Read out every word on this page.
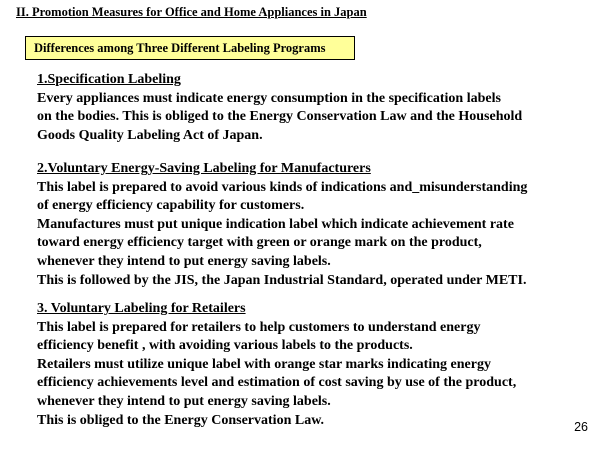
II. Promotion Measures for Office and Home Appliances in Japan
Differences among Three Different Labeling Programs
1.Specification Labeling
Every appliances must indicate energy consumption in the specification labels
on the bodies. This is obliged to the Energy Conservation Law and the Household
Goods Quality Labeling Act of Japan.
2.Voluntary Energy-Saving Labeling for Manufacturers
This label is prepared to avoid various kinds of indications and_misunderstanding
of energy efficiency capability for customers.
Manufactures must put unique indication label which indicate achievement rate
toward energy efficiency target with green or orange mark on the product,
whenever they intend to put energy saving labels.
This is followed by the JIS, the Japan Industrial Standard, operated under METI.
3. Voluntary Labeling for Retailers
This label is prepared for retailers to help customers to understand energy
efficiency benefit , with avoiding various labels to the products.
Retailers must utilize unique label with orange star marks indicating energy
efficiency achievements level and estimation of cost saving by use of the product,
whenever they intend to put energy saving labels.
This is obliged to the Energy Conservation Law.	26
